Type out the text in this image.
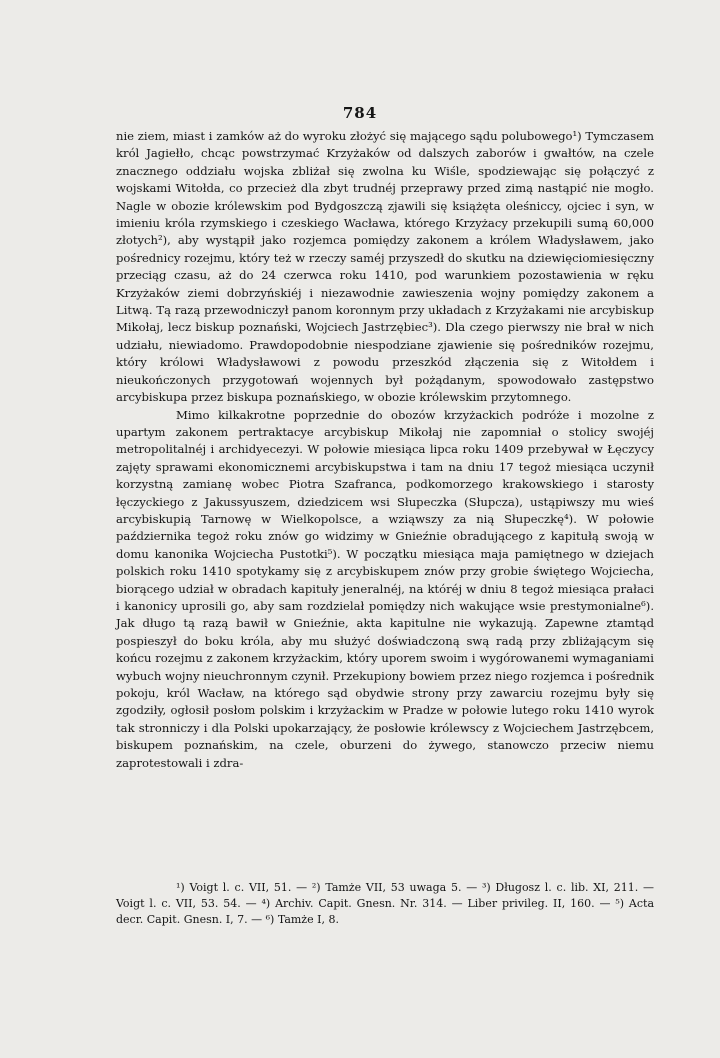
784

nie ziem, miast i zamków aż do wyroku złożyć się mającego sądu polubowego¹) Tymczasem król Jagiełło, chcąc powstrzymać Krzyżaków od dalszych zaborów i gwałtów, na czele znacznego oddziału wojska zbliżał się zwolna ku Wiśle, spodziewając się połączyć z wojskami Witołda, co przecież dla zbyt trudnéj przeprawy przed zimą nastąpić nie mogło. Nagle w obozie królewskim pod Bydgoszczą zjawili się książęta oleśniccy, ojciec i syn, w imieniu króla rzymskiego i czeskiego Wacława, którego Krzyżacy przekupili sumą 60,000 złotych²), aby wystąpił jako rozjemca pomiędzy zakonem a królem Władysławem, jako pośrednicy rozejmu, który też w rzeczy saméj przyszedł do skutku na dziewięciomiesięczny przeciąg czasu, aż do 24 czerwca roku 1410, pod warunkiem pozostawienia w ręku Krzyżaków ziemi dobrzyńskiéj i niezawodnie zawieszenia wojny pomiędzy zakonem a Litwą. Tą razą przewodniczył panom koronnym przy układach z Krzyżakami nie arcybiskup Mikołaj, lecz biskup poznański, Wojciech Jastrzębiec³). Dla czego pierwszy nie brał w nich udziału, niewiadomo. Prawdopodobnie niespodziane zjawienie się pośredników rozejmu, który królowi Władysławowi z powodu przeszkód złączenia się z Witołdem i nieukończonych przygotowań wojennych był pożądanym, spowodowało zastępstwo arcybiskupa przez biskupa poznańskiego, w obozie królewskim przytomnego.

Mimo kilkakrotne poprzednie do obozów krzyżackich podróże i mozolne z upartym zakonem pertraktacye arcybiskup Mikołaj nie zapomniał o stolicy swojéj metropolitalnéj i archidyecezyi. W połowie miesiąca lipca roku 1409 przebywał w Łęczycy zajęty sprawami ekonomicznemi arcybiskupstwa i tam na dniu 17 tegoż miesiąca uczynił korzystną zamianę wobec Piotra Szafranca, podkomorzego krakowskiego i starosty łęczyckiego z Jakussyuszem, dziedzicem wsi Słupeczka (Słupcza), ustąpiwszy mu wieś arcybiskupią Tarnowę w Wielkopolsce, a wziąwszy za nią Słupeczkę⁴). W połowie października tegoż roku znów go widzimy w Gnieźnie obradującego z kapitułą swoją w domu kanonika Wojciecha Pustotki⁵). W początku miesiąca maja pamiętnego w dziejach polskich roku 1410 spotykamy się z arcybiskupem znów przy grobie świętego Wojciecha, biorącego udział w obradach kapituły jeneralnéj, na któréj w dniu 8 tegoż miesiąca prałaci i kanonicy uprosili go, aby sam rozdzielał pomiędzy nich wakujące wsie prestymonialne⁶). Jak długo tą razą bawił w Gnieźnie, akta kapitulne nie wykazują. Zapewne ztamtąd pospieszył do boku króla, aby mu służyć doświadczoną swą radą przy zbliżającym się końcu rozejmu z zakonem krzyżackim, który uporem swoim i wygórowanemi wymaganiami wybuch wojny nieuchronnym czynił. Przekupiony bowiem przez niego rozjemca i pośrednik pokoju, król Wacław, na którego sąd obydwie strony przy zawarciu rozejmu były się zgodziły, ogłosił posłom polskim i krzyżackim w Pradze w połowie lutego roku 1410 wyrok tak stronniczy i dla Polski upokarzający, że posłowie królewscy z Wojciechem Jastrzębcem, biskupem poznańskim, na czele, oburzeni do żywego, stanowczo przeciw niemu zaprotestowali i zdra-

¹) Voigt l. c. VII, 51. — ²) Tamże VII, 53 uwaga 5. — ³) Długosz l. c. lib. XI, 211. — Voigt l. c. VII, 53. 54. — ⁴) Archiv. Capit. Gnesn. Nr. 314. — Liber privileg. II, 160. — ⁵) Acta decr. Capit. Gnesn. I, 7. — ⁶) Tamże I, 8.
